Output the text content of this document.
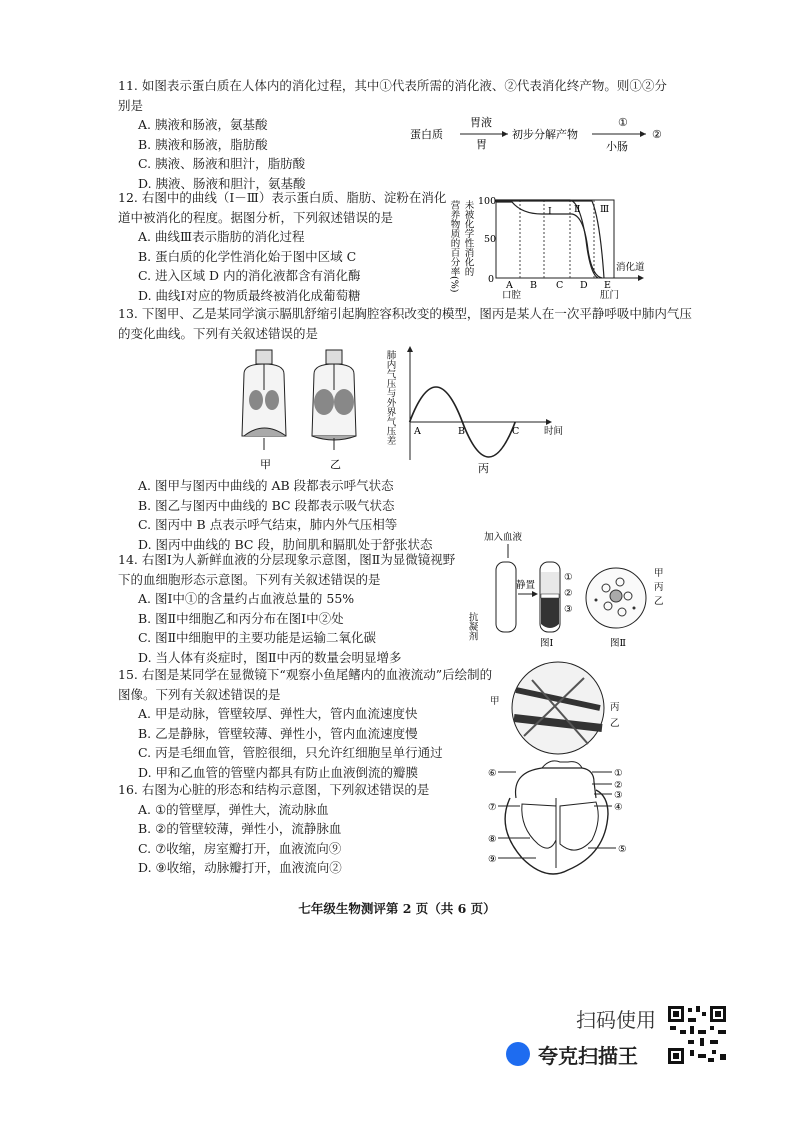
11. 如图表示蛋白质在人体内的消化过程，其中①代表所需的消化液、②代表消化终产物。则①②分别是

A. 胰液和肠液，氨基酸

B. 胰液和肠液，脂肪酸

C. 胰液、肠液和胆汁，脂肪酸

D. 胰液、肠液和胆汁，氨基酸

蛋白质
胃液
胃
初步分解产物
①
小肠
②

12. 右图中的曲线（Ⅰ－Ⅲ）表示蛋白质、脂肪、淀粉在消化道中被消化的程度。据图分析，下列叙述错误的是

A. 曲线Ⅲ表示脂肪的消化过程

B. 蛋白质的化学性消化始于图中区域 C

C. 进入区域 D 内的消化液都含有消化酶

D. 曲线Ⅰ对应的物质最终被消化成葡萄糖

营养物质的百分率(%) 未被化学性消化的 100
50
0
Ⅰ Ⅱ Ⅲ
A B C D E
消化道
口腔	肛门

13. 下图甲、乙是某同学演示膈肌舒缩引起胸腔容积改变的模型，图丙是某人在一次平静呼吸中肺内气压的变化曲线。下列有关叙述错误的是

甲	乙
肺内气压与外界气压差 A	B	C	时间
丙

A. 图甲与图丙中曲线的 AB 段都表示呼气状态

B. 图乙与图丙中曲线的 BC 段都表示吸气状态

C. 图丙中 B 点表示呼气结束，肺内外气压相等

D. 图丙中曲线的 BC 段，肋间肌和膈肌处于舒张状态

14. 右图Ⅰ为人新鲜血液的分层现象示意图，图Ⅱ为显微镜视野下的血细胞形态示意图。下列有关叙述错误的是

A. 图Ⅰ中①的含量约占血液总量的 55%

B. 图Ⅱ中细胞乙和丙分布在图Ⅰ中②处

C. 图Ⅱ中细胞甲的主要功能是运输二氧化碳

D. 当人体有炎症时，图Ⅱ中丙的数量会明显增多

加入血液
抗凝剂
静置
①
②
③
图Ⅰ
甲
丙
乙
图Ⅱ

15. 右图是某同学在显微镜下“观察小鱼尾鳍内的血液流动”后绘制的图像。下列有关叙述错误的是

A. 甲是动脉，管壁较厚、弹性大，管内血流速度快

B. 乙是静脉，管壁较薄、弹性小，管内血流速度慢

C. 丙是毛细血管，管腔很细，只允许红细胞呈单行通过

D. 甲和乙血管的管壁内都具有防止血液倒流的瓣膜

甲
丙
乙

16. 右图为心脏的形态和结构示意图，下列叙述错误的是

A. ①的管壁厚，弹性大，流动脉血

B. ②的管壁较薄，弹性小，流静脉血

C. ⑦收缩，房室瓣打开，血液流向⑨

D. ⑨收缩，动脉瓣打开，血液流向②

①
②
③
④
⑤
⑥
⑦
⑧
⑨
七年级生物测评第 2 页（共 6 页）
扫码使用
夸克扫描王
